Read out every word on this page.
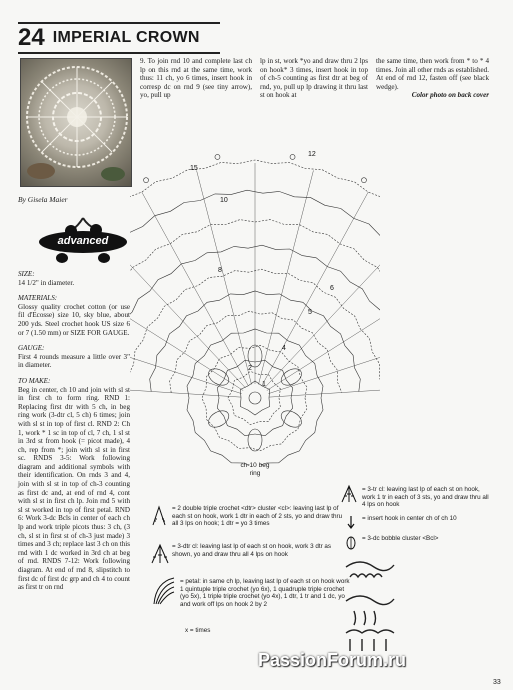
24 IMPERIAL CROWN
By Gisela Maier
advanced

SIZE:

14 1/2" in diameter.

MATERIALS:

Glossy quality crochet cotton (or use fil d'Ecosse) size 10, sky blue, about 200 yds. Steel crochet hook US size 6 or 7 (1.50 mm) or SIZE FOR GAUGE.

GAUGE:

First 4 rounds measure a little over 3" in diameter.

TO MAKE:

Beg in center, ch 10 and join with sl st in first ch to form ring. RND 1: Replacing first dtr with 5 ch, in beg ring work (3-dtr cl, 5 ch) 6 times; join with sl st in top of first cl. RND 2: Ch 1, work * 1 sc in top of cl, 7 ch, 1 sl st in 3rd st from hook (= picot made), 4 ch, rep from *; join with sl st in first sc. RNDS 3-5: Work following diagram and additional symbols with their identification. On rnds 3 and 4, join with sl st in top of ch-3 counting as first dc and, at end of rnd 4, cont with sl st in first ch lp. Join rnd 5 with sl st worked in top of first petal. RND 6: Work 3-dc Bcls in center of each ch lp and work triple picots thus: 3 ch, (3 ch, sl st in first st of ch-3 just made) 3 times and 3 ch; replace last 3 ch on this rnd with 1 dc worked in 3rd ch at beg of rnd. RNDS 7-12: Work following diagram. At end of rnd 8, slipstitch to first dc of first dc grp and ch 4 to count as first tr on rnd

9. To join rnd 10 and complete last ch lp on this rnd at the same time, work thus: 11 ch, yo 6 times, insert hook in corresp dc on rnd 9 (see tiny arrow), yo, pull up
lp in st, work *yo and draw thru 2 lps on hook* 3 times, insert hook in top of ch-5 counting as first dtr at beg of rnd, yo, pull up lp drawing it thru last st on hook at
the same time, then work from * to * 4 times. Join all other rnds as established. At end of rnd 12, fasten off (see black wedge).
Color photo on back cover
15
12
10
8
6
5
4
2
1
ch-10 beg ring
= 2 double triple crochet <dtr> cluster <cl>: leaving last lp of each st on hook, work 1 dtr in each of 2 sts, yo and draw thru all 3 lps on hook; 1 dtr = yo 3 times
= 3-dtr cl: leaving last lp of each st on hook, work 3 dtr as shown, yo and draw thru all 4 lps on hook
= petal: in same ch lp, leaving last lp of each st on hook work 1 quintuple triple crochet (yo 6x), 1 quadruple triple crochet (yo 5x), 1 triple triple crochet (yo 4x), 1 dtr, 1 tr and 1 dc, yo and work off lps on hook 2 by 2
x = times
= 3-tr cl: leaving last lp of each st on hook, work 1 tr in each of 3 sts, yo and draw thru all 4 lps on hook
= insert hook in center ch of ch 10
= 3-dc bobble cluster <Bcl>
PassionForum.ru
33
